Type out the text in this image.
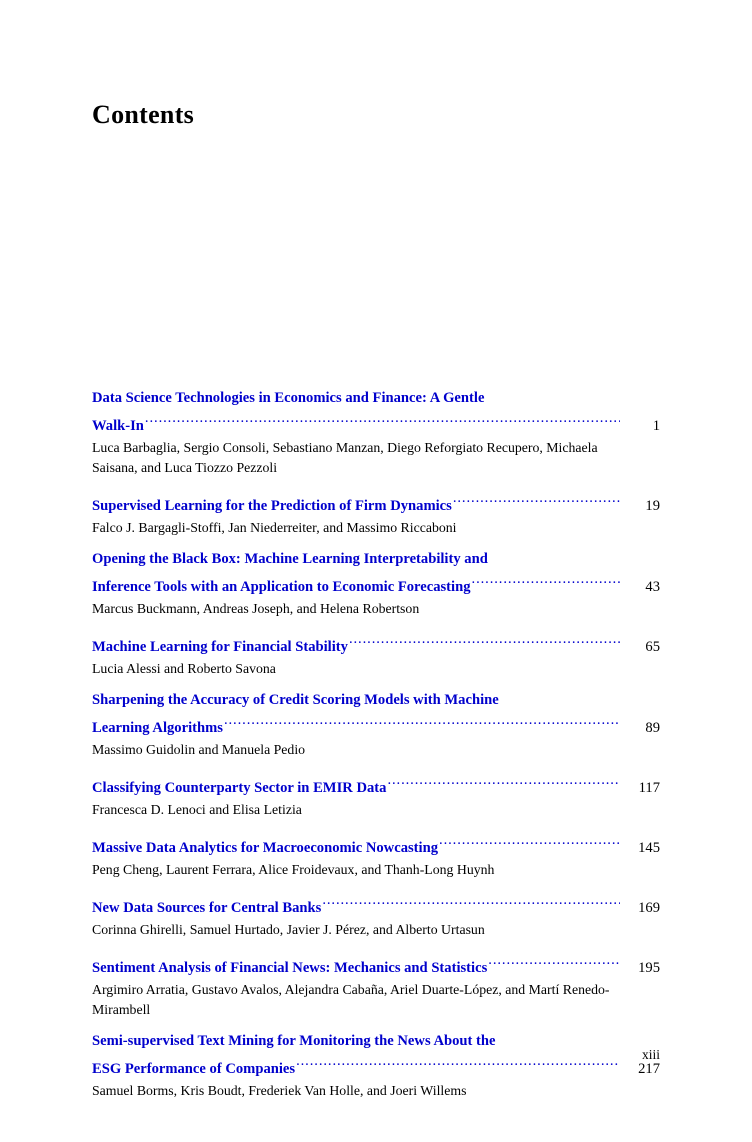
Contents
Data Science Technologies in Economics and Finance: A Gentle
Walk-In .....	1
Luca Barbaglia, Sergio Consoli, Sebastiano Manzan, Diego Reforgiato Recupero, Michaela Saisana, and Luca Tiozzo Pezzoli
Supervised Learning for the Prediction of Firm Dynamics .....	19
Falco J. Bargagli-Stoffi, Jan Niederreiter, and Massimo Riccaboni
Opening the Black Box: Machine Learning Interpretability and
Inference Tools with an Application to Economic Forecasting .....	43
Marcus Buckmann, Andreas Joseph, and Helena Robertson
Machine Learning for Financial Stability .....	65
Lucia Alessi and Roberto Savona
Sharpening the Accuracy of Credit Scoring Models with Machine
Learning Algorithms .....	89
Massimo Guidolin and Manuela Pedio
Classifying Counterparty Sector in EMIR Data .....	117
Francesca D. Lenoci and Elisa Letizia
Massive Data Analytics for Macroeconomic Nowcasting .....	145
Peng Cheng, Laurent Ferrara, Alice Froidevaux, and Thanh-Long Huynh
New Data Sources for Central Banks .....	169
Corinna Ghirelli, Samuel Hurtado, Javier J. Pérez, and Alberto Urtasun
Sentiment Analysis of Financial News: Mechanics and Statistics .....	195
Argimiro Arratia, Gustavo Avalos, Alejandra Cabaña, Ariel Duarte-López, and Martí Renedo-Mirambell
Semi-supervised Text Mining for Monitoring the News About the
ESG Performance of Companies .....	217
Samuel Borms, Kris Boudt, Frederiek Van Holle, and Joeri Willems
xiii
